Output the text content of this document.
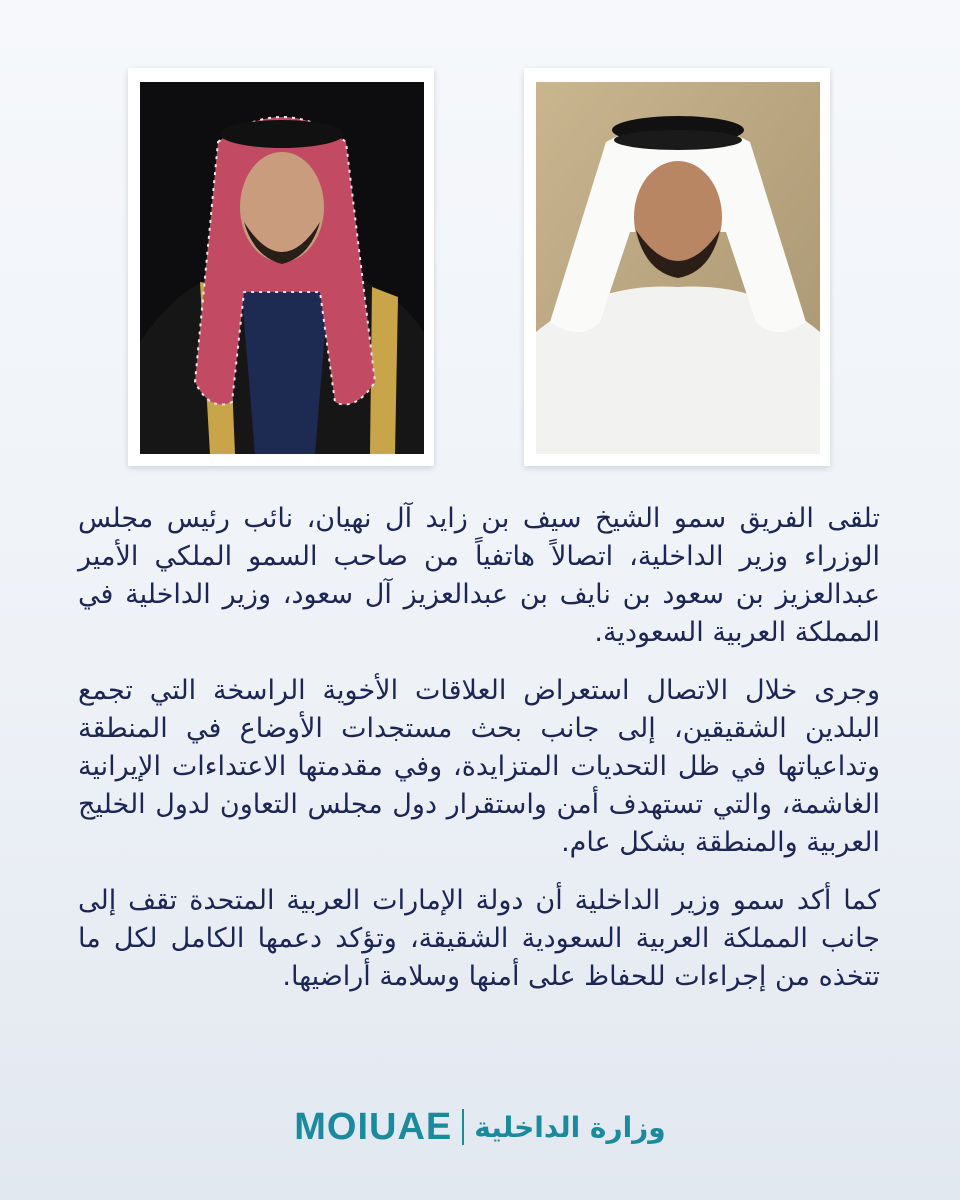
تلقى الفريق سمو الشيخ سيف بن زايد آل نهيان، نائب رئيس مجلس الوزراء وزير الداخلية، اتصالاً هاتفياً من صاحب السمو الملكي الأمير عبدالعزيز بن سعود بن نايف بن عبدالعزيز آل سعود، وزير الداخلية في المملكة العربية السعودية.

وجرى خلال الاتصال استعراض العلاقات الأخوية الراسخة التي تجمع البلدين الشقيقين، إلى جانب بحث مستجدات الأوضاع في المنطقة وتداعياتها في ظل التحديات المتزايدة، وفي مقدمتها الاعتداءات الإيرانية الغاشمة، والتي تستهدف أمن واستقرار دول مجلس التعاون لدول الخليج العربية والمنطقة بشكل عام.

كما أكد سمو وزير الداخلية أن دولة الإمارات العربية المتحدة تقف إلى جانب المملكة العربية السعودية الشقيقة، وتؤكد دعمها الكامل لكل ما تتخذه من إجراءات للحفاظ على أمنها وسلامة أراضيها.

MOIUAE وزارة الداخلية
